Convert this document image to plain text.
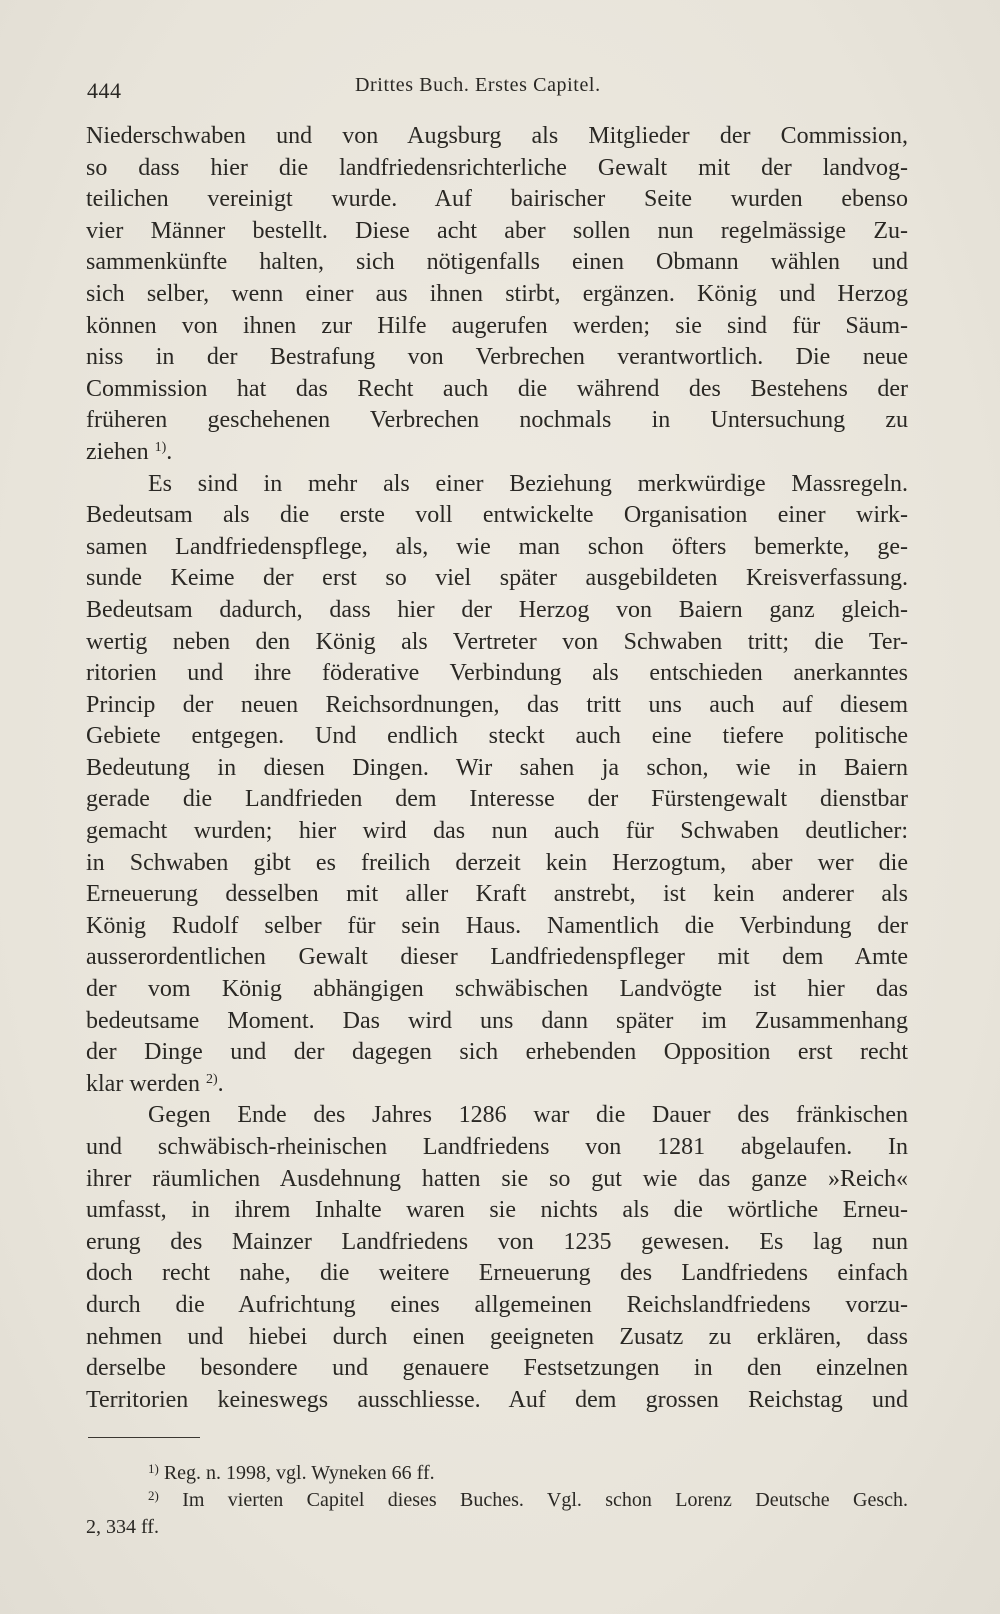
444	Drittes Buch. Erstes Capitel.
Niederschwaben und von Augsburg als Mitglieder der Commission,
so dass hier die landfriedensrichterliche Gewalt mit der landvog-
teilichen vereinigt wurde. Auf bairischer Seite wurden ebenso
vier Männer bestellt. Diese acht aber sollen nun regelmässige Zu-
sammenkünfte halten, sich nötigenfalls einen Obmann wählen und
sich selber, wenn einer aus ihnen stirbt, ergänzen. König und Herzog
können von ihnen zur Hilfe augerufen werden; sie sind für Säum-
niss in der Bestrafung von Verbrechen verantwortlich. Die neue
Commission hat das Recht auch die während des Bestehens der
früheren geschehenen Verbrechen nochmals in Untersuchung zu
ziehen $^{1)}$.
Es sind in mehr als einer Beziehung merkwürdige Massregeln.
Bedeutsam als die erste voll entwickelte Organisation einer wirk-
samen Landfriedenspflege, als, wie man schon öfters bemerkte, ge-
sunde Keime der erst so viel später ausgebildeten Kreisverfassung.
Bedeutsam dadurch, dass hier der Herzog von Baiern ganz gleich-
wertig neben den König als Vertreter von Schwaben tritt; die Ter-
ritorien und ihre föderative Verbindung als entschieden anerkanntes
Princip der neuen Reichsordnungen, das tritt uns auch auf diesem
Gebiete entgegen. Und endlich steckt auch eine tiefere politische
Bedeutung in diesen Dingen. Wir sahen ja schon, wie in Baiern
gerade die Landfrieden dem Interesse der Fürstengewalt dienstbar
gemacht wurden; hier wird das nun auch für Schwaben deutlicher:
in Schwaben gibt es freilich derzeit kein Herzogtum, aber wer die
Erneuerung desselben mit aller Kraft anstrebt, ist kein anderer als
König Rudolf selber für sein Haus. Namentlich die Verbindung der
ausserordentlichen Gewalt dieser Landfriedenspfleger mit dem Amte
der vom König abhängigen schwäbischen Landvögte ist hier das
bedeutsame Moment. Das wird uns dann später im Zusammenhang
der Dinge und der dagegen sich erhebenden Opposition erst recht
klar werden $^{2)}$.
Gegen Ende des Jahres 1286 war die Dauer des fränkischen
und schwäbisch-rheinischen Landfriedens von 1281 abgelaufen. In
ihrer räumlichen Ausdehnung hatten sie so gut wie das ganze »Reich«
umfasst, in ihrem Inhalte waren sie nichts als die wörtliche Erneu-
erung des Mainzer Landfriedens von 1235 gewesen. Es lag nun
doch recht nahe, die weitere Erneuerung des Landfriedens einfach
durch die Aufrichtung eines allgemeinen Reichslandfriedens vorzu-
nehmen und hiebei durch einen geeigneten Zusatz zu erklären, dass
derselbe besondere und genauere Festsetzungen in den einzelnen
Territorien keineswegs ausschliesse. Auf dem grossen Reichstag und
$^{1)}$ Reg. n. 1998, vgl. Wyneken 66 ff.
$^{2)}$ Im vierten Capitel dieses Buches. Vgl. schon Lorenz Deutsche Gesch.
2, 334 ff.
